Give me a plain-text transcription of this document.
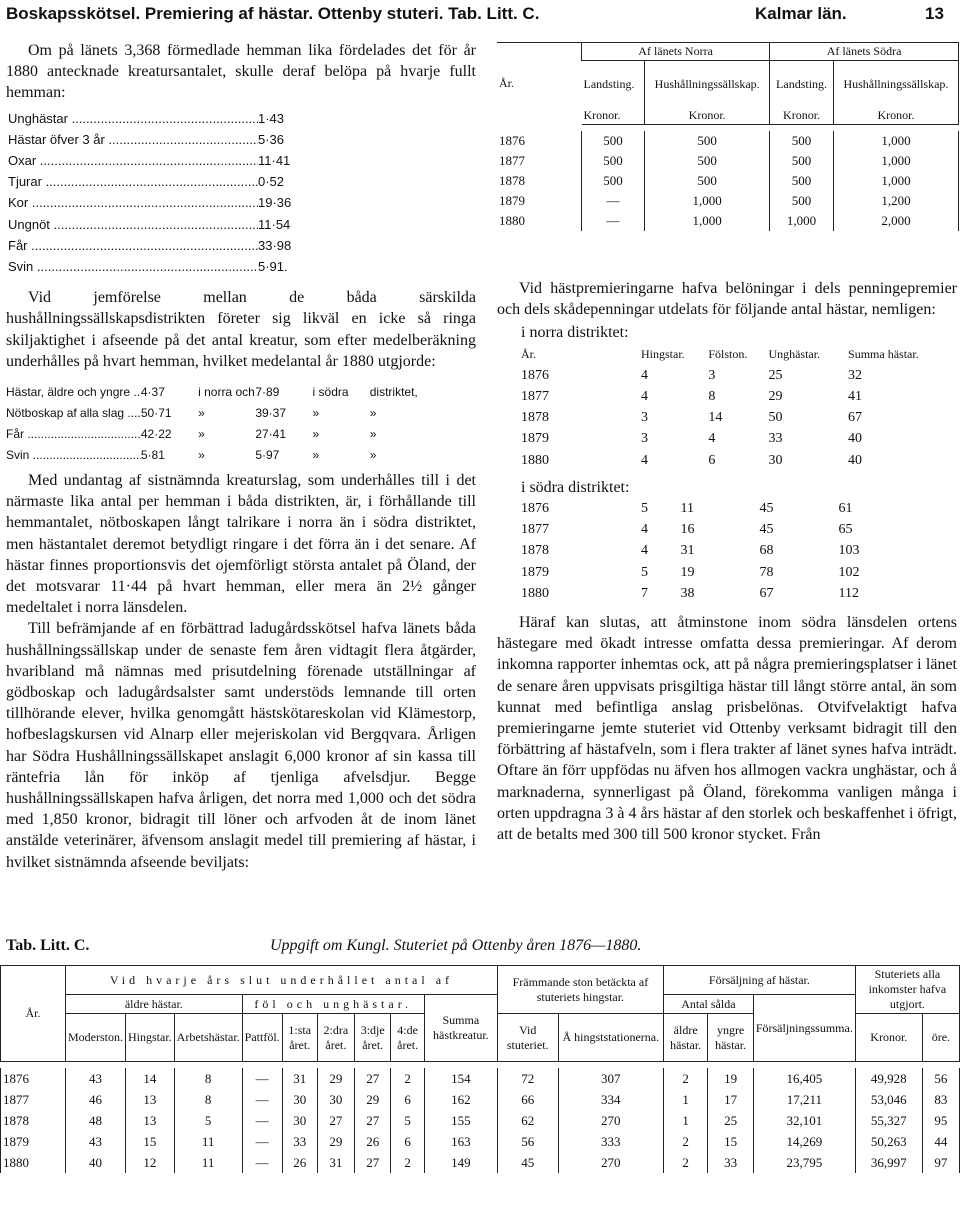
Boskapsskötsel. Premiering af hästar. Ottenby stuteri. Tab. Litt. C.	Kalmar län.	13

Om på länets 3,368 förmedlade hemman lika fördelades det för år 1880 antecknade kreatursantalet, skulle deraf belöpa på hvarje fullt hemman:

Unghästar .....	1·43
Hästar öfver 3 år .....	5·36
Oxar .....	11·41
Tjurar .....	0·52
Kor .....	19·36
Ungnöt .....	11·54
Får .....	33·98
Svin .....	5·91.

Vid jemförelse mellan de båda särskilda hushållningssällskapsdistrikten företer sig likväl en icke så ringa skiljaktighet i afseende på det antal kreatur, som efter medelberäkning underhålles på hvart hemman, hvilket medelantal år 1880 utgjorde:

Hästar, äldre och yngre ..... 4·37	i norra och 7·89	i södra	distriktet,
Nötboskap af alla slag .....	50·71	»	39·37	»	»
Får .....	42·22	»	27·41	»	»
Svin .....	5·81	»	5·97	»	»

Med undantag af sistnämnda kreaturslag, som underhålles till i det närmaste lika antal per hemman i båda distrikten, är, i förhållande till hemmantalet, nötboskapen långt talrikare i norra än i södra distriktet, men hästantalet deremot betydligt ringare i det förra än i det senare. Af hästar finnes proportionsvis det ojemförligt största antalet på Öland, der det motsvarar 11·44 på hvart hemman, eller mera än 2½ gånger medeltalet i norra länsdelen.

Till befrämjande af en förbättrad ladugårdsskötsel hafva länets båda hushållningssällskap under de senaste fem åren vidtagit flera åtgärder, hvaribland må nämnas med prisutdelning förenade utställningar af gödboskap och ladugårdsalster samt understöds lemnande till orten tillhörande elever, hvilka genomgått hästskötareskolan vid Klämestorp, hofbeslagskursen vid Alnarp eller mejeriskolan vid Bergqvara. Årligen har Södra Hushållningssällskapet anslagit 6,000 kronor af sin kassa till räntefria lån för inköp af tjenliga afvelsdjur. Begge hushållningssällskapen hafva årligen, det norra med 1,000 och det södra med 1,850 kronor, bidragit till löner och arfvoden åt de inom länet anstälde veterinärer, äfvensom anslagit medel till premiering af hästar, i hvilket sistnämnda afseende beviljats:

År.	Af länets Norra		Af länets Södra	
	Landsting.	Hushållningssällskap.	Landsting.	Hushållningssällskap.
	Kronor.	Kronor.	Kronor.	Kronor.

1876	500	500	500	1,000
1877	500	500	500	1,000
1878	500	500	500	1,000
1879	—	1,000	500	1,200
1880	—	1,000	1,000	2,000

Vid hästpremieringarne hafva belöningar i dels penningepremier och dels skådepenningar utdelats för följande antal hästar, nemligen:

i norra distriktet:
År.	Hingstar.	Fölston.	Unghästar.	Summa hästar.
1876	4	3	25	32
1877	4	8	29	41
1878	3	14	50	67
1879	3	4	33	40
1880	4	6	30	40
i södra distriktet:
1876	5	11	45	61
1877	4	16	45	65
1878	4	31	68	103
1879	5	19	78	102
1880	7	38	67	112

Häraf kan slutas, att åtminstone inom södra länsdelen ortens hästegare med ökadt intresse omfatta dessa premieringar. Af derom inkomna rapporter inhemtas ock, att på några premieringsplatser i länet de senare åren uppvisats prisgiltiga hästar till långt större antal, än som kunnat med befintliga anslag prisbelönas. Otvifvelaktigt hafva premieringarne jemte stuteriet vid Ottenby verksamt bidragit till den förbättring af hästafveln, som i flera trakter af länet synes hafva inträdt. Oftare än förr uppfödas nu äfven hos allmogen vackra unghästar, och å marknaderna, synnerligast på Öland, förekomma vanligen många i orten uppdragna 3 à 4 års hästar af den storlek och beskaffenhet i öfrigt, att de betalts med 300 till 500 kronor stycket. Från

Tab. Litt. C.	Uppgift om Kungl. Stuteriet på Ottenby åren 1876—1880.
År.	Vid hvarje års slut underhållet antal af									Främmande ston betäckta af stuteriets hingstar.		Försäljning af hästar.			Stuteriets alla inkomster hafva utgjort.	
	äldre hästar.			föl och unghästar.					Summa hästkreatur.			Antal sålda		Försäljningssumma.		
	Moderston.	Hingstar.	Arbetshästar.	Pattföl.	1:sta året.	2:dra året.	3:dje året.	4:de året.		Vid stuteriet.	Å hingststationerna.	äldre hästar.	yngre hästar.		Kronor.	öre.

1876	43	14	8	—	31	29	27	2	154	72	307	2	19	16,405	49,928	56
1877	46	13	8	—	30	30	29	6	162	66	334	1	17	17,211	53,046	83
1878	48	13	5	—	30	27	27	5	155	62	270	1	25	32,101	55,327	95
1879	43	15	11	—	33	29	26	6	163	56	333	2	15	14,269	50,263	44
1880	40	12	11	—	26	31	27	2	149	45	270	2	33	23,795	36,997	97
